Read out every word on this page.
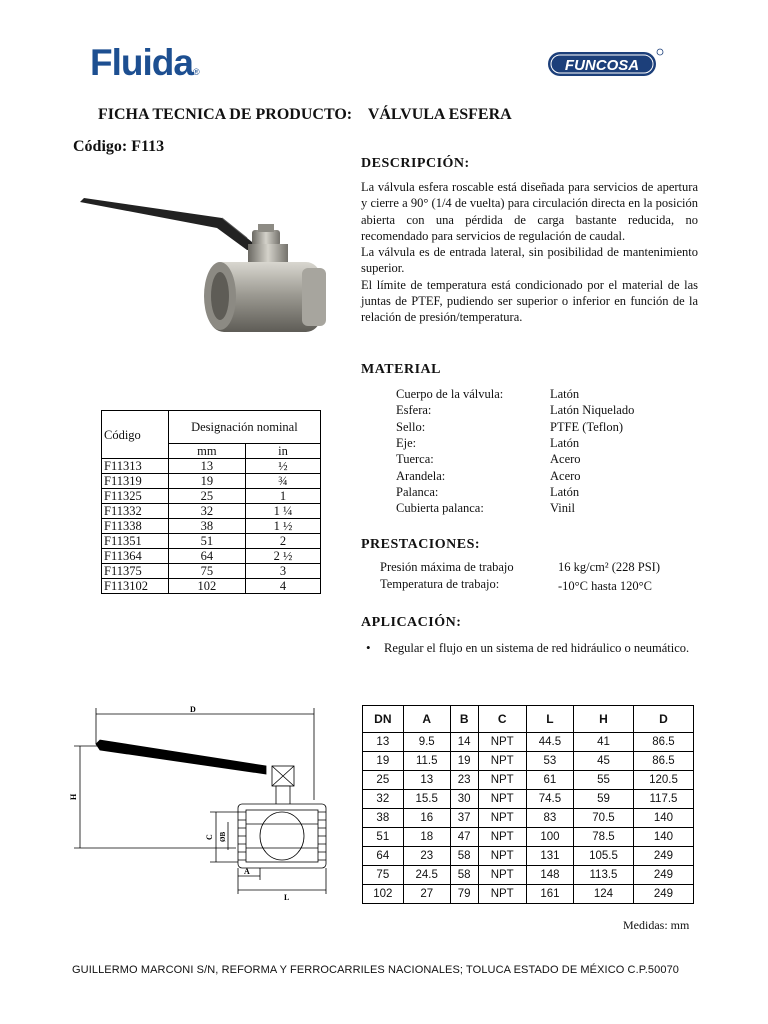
Fluida®	FUNCOSA
FICHA TECNICA DE PRODUCTO:    VÁLVULA ESFERA
Código: F113
DESCRIPCIÓN:

La válvula esfera roscable está diseñada para servicios de apertura y cierre a 90° (1/4 de vuelta) para circulación directa en la posición abierta con una pérdida de carga bastante reducida, no recomendado para servicios de regulación de caudal.

La válvula es de entrada lateral, sin posibilidad de mantenimiento superior.

El límite de temperatura está condicionado por el material de las juntas de PTEF, pudiendo ser superior o inferior en función de la relación de presión/temperatura.

MATERIAL
Cuerpo de la válvula:	Latón
Esfera:	Latón Niquelado
Sello:	PTFE (Teflon)
Eje:	Latón
Tuerca:	Acero
Arandela:	Acero
Palanca:	Latón
Cubierta palanca:	Vinil
PRESTACIONES:
Presión máxima de trabajo	16 kg/cm² (228 PSI)
Temperatura de trabajo:	-10°C hasta 120°C
APLICACIÓN:
• Regular el flujo en un sistema de red hidráulico o neumático.
Código	Designación nominal	
	mm	in
F11313	13	½
F11319	19	¾
F11325	25	1
F11332	32	1 ¼
F11338	38	1 ½
F11351	51	2
F11364	64	2 ½
F11375	75	3
F113102	102	4
D
H
C ØB
A
L
DN	A	B	C	L	H	D
13	9.5	14	NPT	44.5	41	86.5
19	11.5	19	NPT	53	45	86.5
25	13	23	NPT	61	55	120.5
32	15.5	30	NPT	74.5	59	117.5
38	16	37	NPT	83	70.5	140
51	18	47	NPT	100	78.5	140
64	23	58	NPT	131	105.5	249
75	24.5	58	NPT	148	113.5	249
102	27	79	NPT	161	124	249
Medidas: mm
GUILLERMO MARCONI S/N, REFORMA Y FERROCARRILES NACIONALES; TOLUCA ESTADO DE MÉXICO C.P.50070
